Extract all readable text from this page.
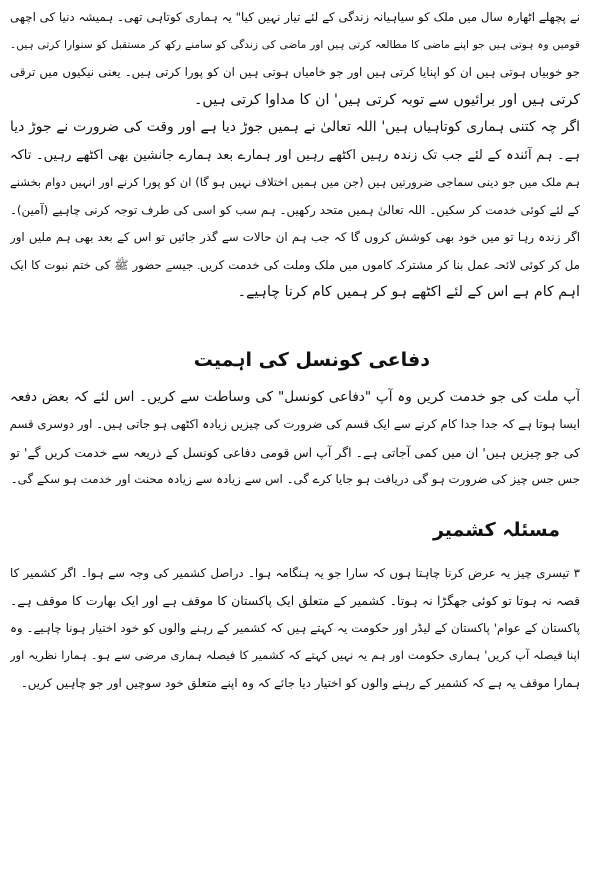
نے پچھلے اٹھارہ سال میں ملک کو سیاہیانہ زندگی کے لئے تیار نہیں کیا" یہ ہماری کوتاہی تھی۔ ہمیشہ دنیا کی اچھی
قومیں وہ ہوتی ہیں جو اپنے ماضی کا مطالعہ کرتی ہیں اور ماضی کی زندگی کو سامنے رکھ کر مستقبل کو سنوارا کرتی ہیں۔
جو خوبیاں ہوتی ہیں ان کو اپنایا کرتی ہیں اور جو خامیاں ہوتی ہیں ان کو پورا کرتی ہیں۔ یعنی نیکیوں میں ترقی
کرتی ہیں اور برائیوں سے توبہ کرتی ہیں' ان کا مداوا کرتی ہیں۔
اگر چہ کتنی ہماری کوتاہیاں ہیں' اللہ تعالیٰ نے ہمیں جوڑ دیا ہے اور وقت کی ضرورت نے جوڑ دیا
ہے۔ ہم آئندہ کے لئے جب تک زندہ رہیں اکٹھے رہیں اور ہمارے بعد ہمارے جانشین بھی اکٹھے رہیں۔ تاکہ
ہم ملک میں جو دینی سماجی ضرورتیں ہیں (جن میں ہمیں اختلاف نہیں ہو گا) ان کو پورا کرنے اور انہیں دوام بخشنے
کے لئے کوئی خدمت کر سکیں۔ اللہ تعالیٰ ہمیں متحد رکھیں۔ ہم سب کو اسی کی طرف توجہ کرنی چاہیے (آمین)۔
اگر زندہ رہا تو میں خود بھی کوشش کروں گا کہ جب ہم ان حالات سے گذر جائیں تو اس کے بعد بھی ہم ملیں اور
مل کر کوئی لائحہ عمل بنا کر مشترکہ کاموں میں ملک وملت کی خدمت کریں۔ جیسے حضور ﷺ کی ختم نبوت کا ایک
اہم کام ہے اس کے لئے اکٹھے ہو کر ہمیں کام کرنا چاہیے۔
دفاعی کونسل کی اہمیت
آپ ملت کی جو خدمت کریں وہ آپ "دفاعی کونسل" کی وساطت سے کریں۔ اس لئے کہ بعض دفعہ
ایسا ہوتا ہے کہ جدا جدا کام کرنے سے ایک قسم کی ضرورت کی چیزیں زیادہ اکٹھی ہو جاتی ہیں۔ اور دوسری قسم
کی جو چیزیں ہیں' ان میں کمی آجاتی ہے۔ اگر آپ اس قومی دفاعی کونسل کے ذریعہ سے خدمت کریں گے' تو
جس جس چیز کی ضرورت ہو گی دریافت ہو جایا کرے گی۔ اس سے زیادہ سے زیادہ محنت اور خدمت ہو سکے گی۔
مسئلہ کشمیر
۳ تیسری چیز یہ عرض کرنا چاہتا ہوں کہ سارا جو یہ ہنگامہ ہوا۔ دراصل کشمیر کی وجہ سے ہوا۔ اگر کشمیر کا
قصہ نہ ہوتا تو کوئی جھگڑا نہ ہوتا۔ کشمیر کے متعلق ایک پاکستان کا موقف ہے اور ایک بھارت کا موقف ہے۔
پاکستان کے عوام' پاکستان کے لیڈر اور حکومت یہ کہتے ہیں کہ کشمیر کے رہنے والوں کو خود اختیار ہونا چاہیے۔ وہ
اپنا فیصلہ آپ کریں' ہماری حکومت اور ہم یہ نہیں کہتے کہ کشمیر کا فیصلہ ہماری مرضی سے ہو۔ ہمارا نظریہ اور
ہمارا موقف یہ ہے کہ کشمیر کے رہنے والوں کو اختیار دیا جائے کہ وہ اپنے متعلق خود سوچیں اور جو چاہیں کریں۔
